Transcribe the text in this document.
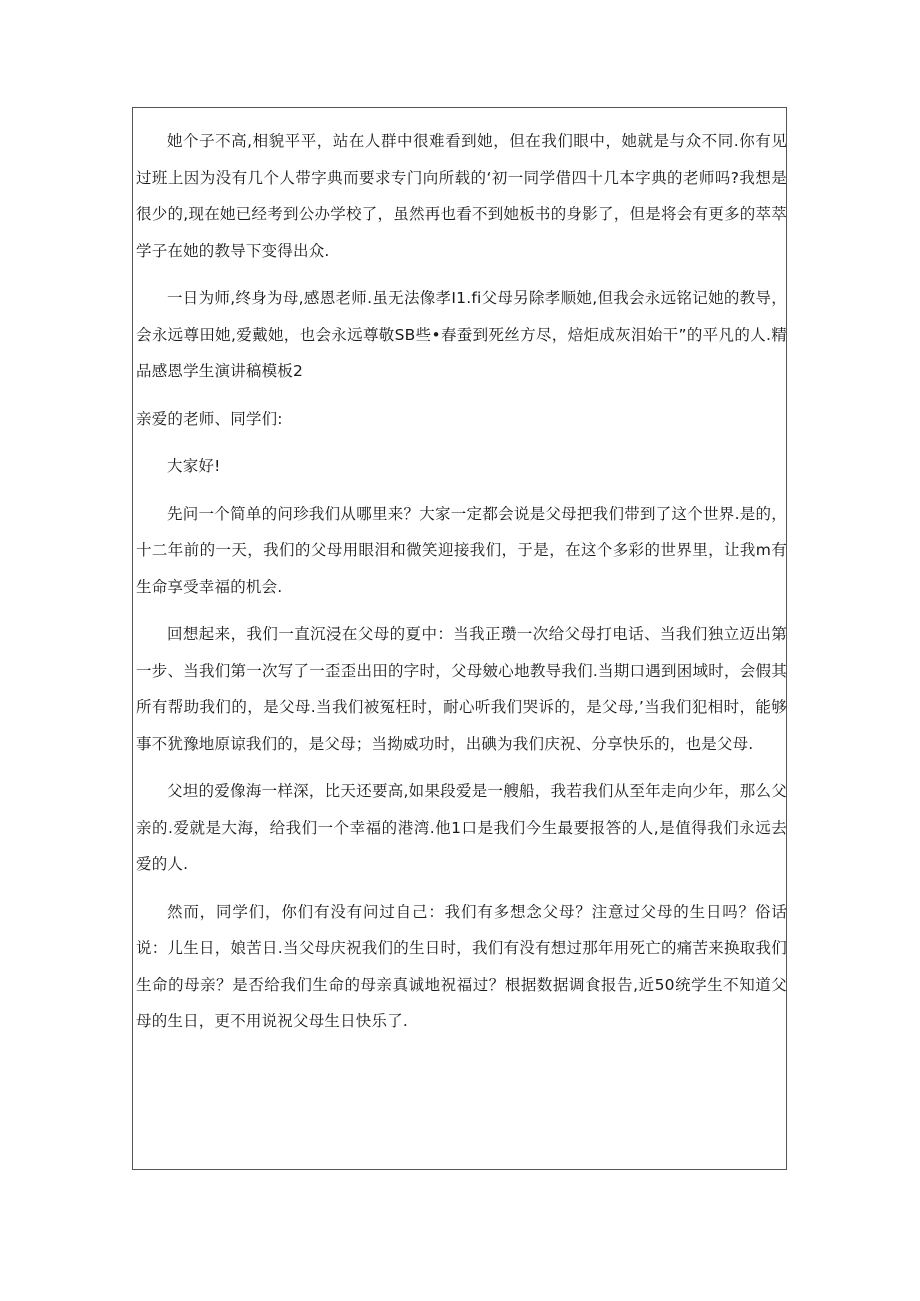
她个子不高,相貌平平，站在人群中很难看到她，但在我们眼中，她就是与众不同.你有见过班上因为没有几个人带字典而要求专门向所载的‘初一同学借四十几本字典的老师吗?我想是很少的,现在她已经考到公办学校了，虽然再也看不到她板书的身影了，但是将会有更多的萃萃学子在她的教导下变得出众.

一日为师,终身为母,感恩老师.虽无法像孝I1.fi父母另除孝顺她,但我会永远铭记她的教导，会永远尊田她,爱戴她，也会永远尊敬SB些•春蚕到死丝方尽，焙炬成灰泪始干”的平凡的人.精品感恩学生演讲稿模板2

亲爱的老师、同学们:

大家好!

先问一个简单的问珍我们从哪里来？大家一定都会说是父母把我们带到了这个世界.是的，十二年前的一天，我们的父母用眼泪和微笑迎接我们，于是，在这个多彩的世界里，让我m有生命享受幸福的机会.

回想起来，我们一直沉浸在父母的夏中：当我正瓒一次给父母打电话、当我们独立迈出第一步、当我们第一次写了一歪歪出田的字时，父母皴心地教导我们.当期口遇到困域时，会假其所有帮助我们的，是父母.当我们被冤枉时，耐心听我们哭诉的，是父母,’当我们犯相时，能够事不犹豫地原谅我们的，是父母；当拗威功时，出碘为我们庆祝、分享快乐的，也是父母.

父坦的爱像海一样深，比天还要高,如果段爱是一艘船，我若我们从至年走向少年，那么父亲的.爱就是大海，给我们一个幸福的港湾.他1口是我们今生最要报答的人,是值得我们永远去爱的人.

然而，同学们，你们有没有问过自己：我们有多想念父母？注意过父母的生日吗？俗话说：儿生日，娘苦日.当父母庆祝我们的生日时，我们有没有想过那年用死亡的痛苦来换取我们生命的母亲？是否给我们生命的母亲真诚地祝福过？根据数据调食报告,近50统学生不知道父母的生日，更不用说祝父母生日快乐了.
